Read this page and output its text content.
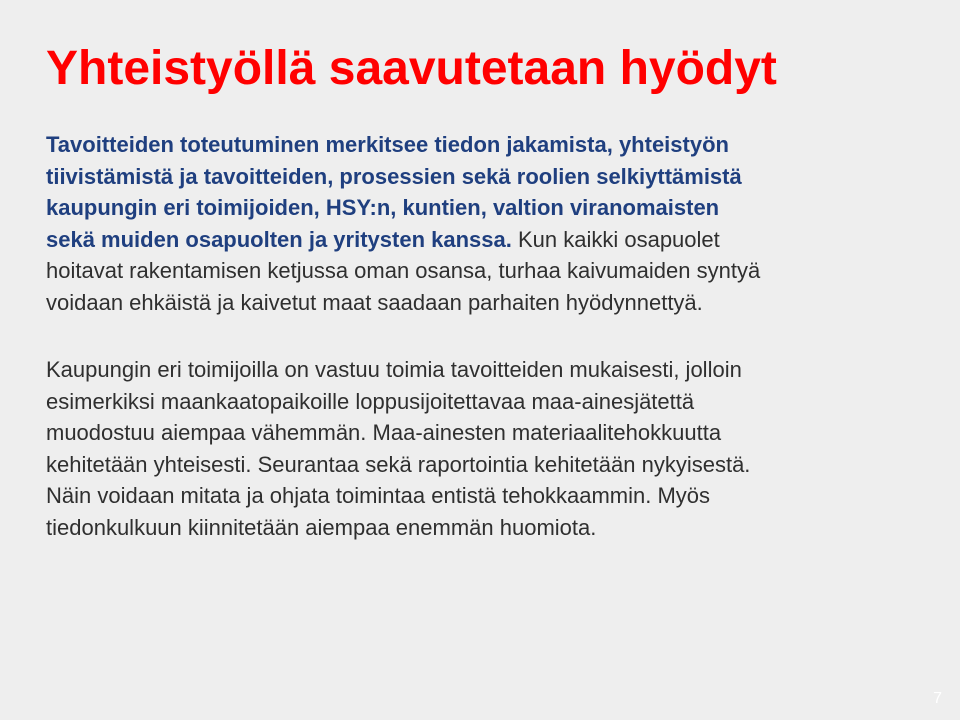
Yhteistyöllä saavutetaan hyödyt
Tavoitteiden toteutuminen merkitsee tiedon jakamista, yhteistyön
tiivistämistä ja tavoitteiden, prosessien sekä roolien selkiyttämistä
kaupungin eri toimijoiden, HSY:n, kuntien, valtion viranomaisten
sekä muiden osapuolten ja yritysten kanssa. Kun kaikki osapuolet
hoitavat rakentamisen ketjussa oman osansa, turhaa kaivumaiden syntyä
voidaan ehkäistä ja kaivetut maat saadaan parhaiten hyödynnettyä.
Kaupungin eri toimijoilla on vastuu toimia tavoitteiden mukaisesti, jolloin
esimerkiksi maankaatopaikoille loppusijoitettavaa maa-ainesjätettä
muodostuu aiempaa vähemmän. Maa-ainesten materiaalitehokkuutta
kehitetään yhteisesti. Seurantaa sekä raportointia kehitetään nykyisestä.
Näin voidaan mitata ja ohjata toimintaa entistä tehokkaammin. Myös
tiedonkulkuun kiinnitetään aiempaa enemmän huomiota.
7
